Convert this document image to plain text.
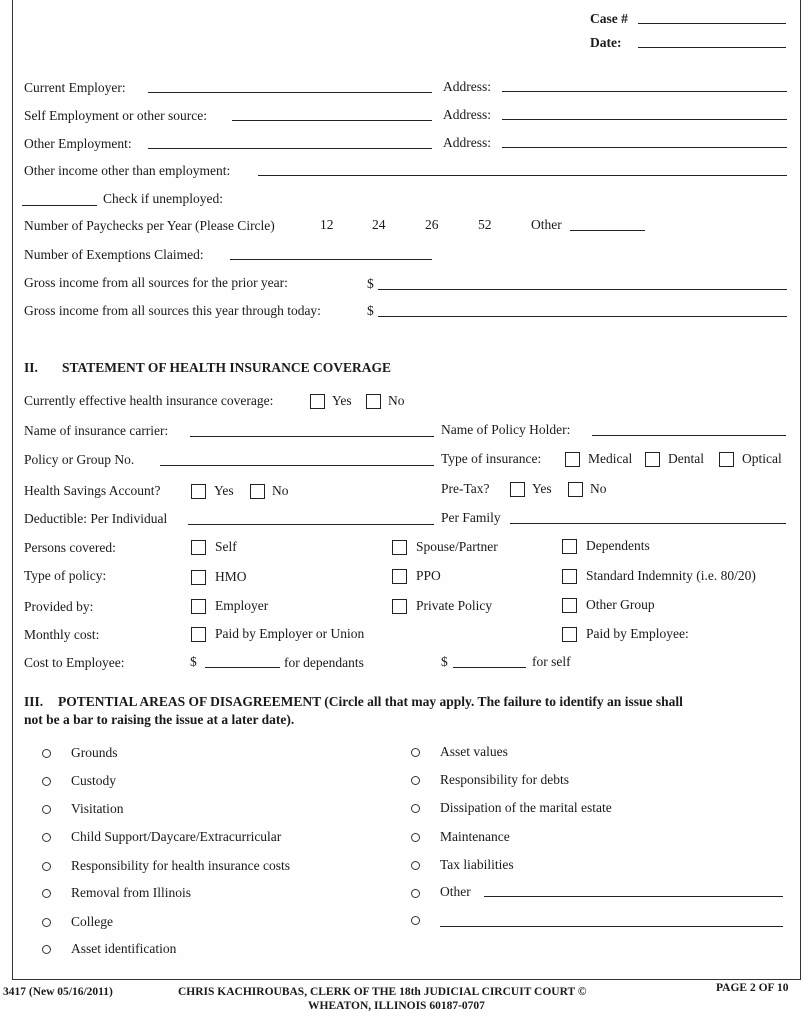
Case #
Date:
Current Employer:	Address:
Self Employment or other source:	Address:
Other Employment:	Address:
Other income other than employment:
Check if unemployed:
Number of Paychecks per Year (Please Circle)	12	24	26	52	Other
Number of Exemptions Claimed:
Gross income from all sources for the prior year:	$
Gross income from all sources this year through today:	$
II. STATEMENT OF HEALTH INSURANCE COVERAGE
Currently effective health insurance coverage:	Yes	No
Name of insurance carrier:	Name of Policy Holder:
Policy or Group No.	Type of insurance:	Medical	Dental	Optical
Health Savings Account?	Yes	No	Pre-Tax?	Yes	No
Deductible: Per Individual	Per Family
Persons covered:	Self	Spouse/Partner	Dependents
Type of policy:	HMO	PPO	Standard Indemnity (i.e. 80/20)
Provided by:	Employer	Private Policy	Other Group
Monthly cost:	Paid by Employer or Union	Paid by Employee:
Cost to Employee:	$	for dependants	$	for self
III. POTENTIAL AREAS OF DISAGREEMENT (Circle all that may apply. The failure to identify an issue shall
not be a bar to raising the issue at a later date).
Grounds
Custody
Visitation
Child Support/Daycare/Extracurricular
Responsibility for health insurance costs
Removal from Illinois
College
Asset identification
Asset values
Responsibility for debts
Dissipation of the marital estate
Maintenance
Tax liabilities
Other
3417 (New 05/16/2011)	CHRIS KACHIROUBAS, CLERK OF THE 18th JUDICIAL CIRCUIT COURT ©
WHEATON, ILLINOIS 60187-0707
PAGE 2 OF 10
